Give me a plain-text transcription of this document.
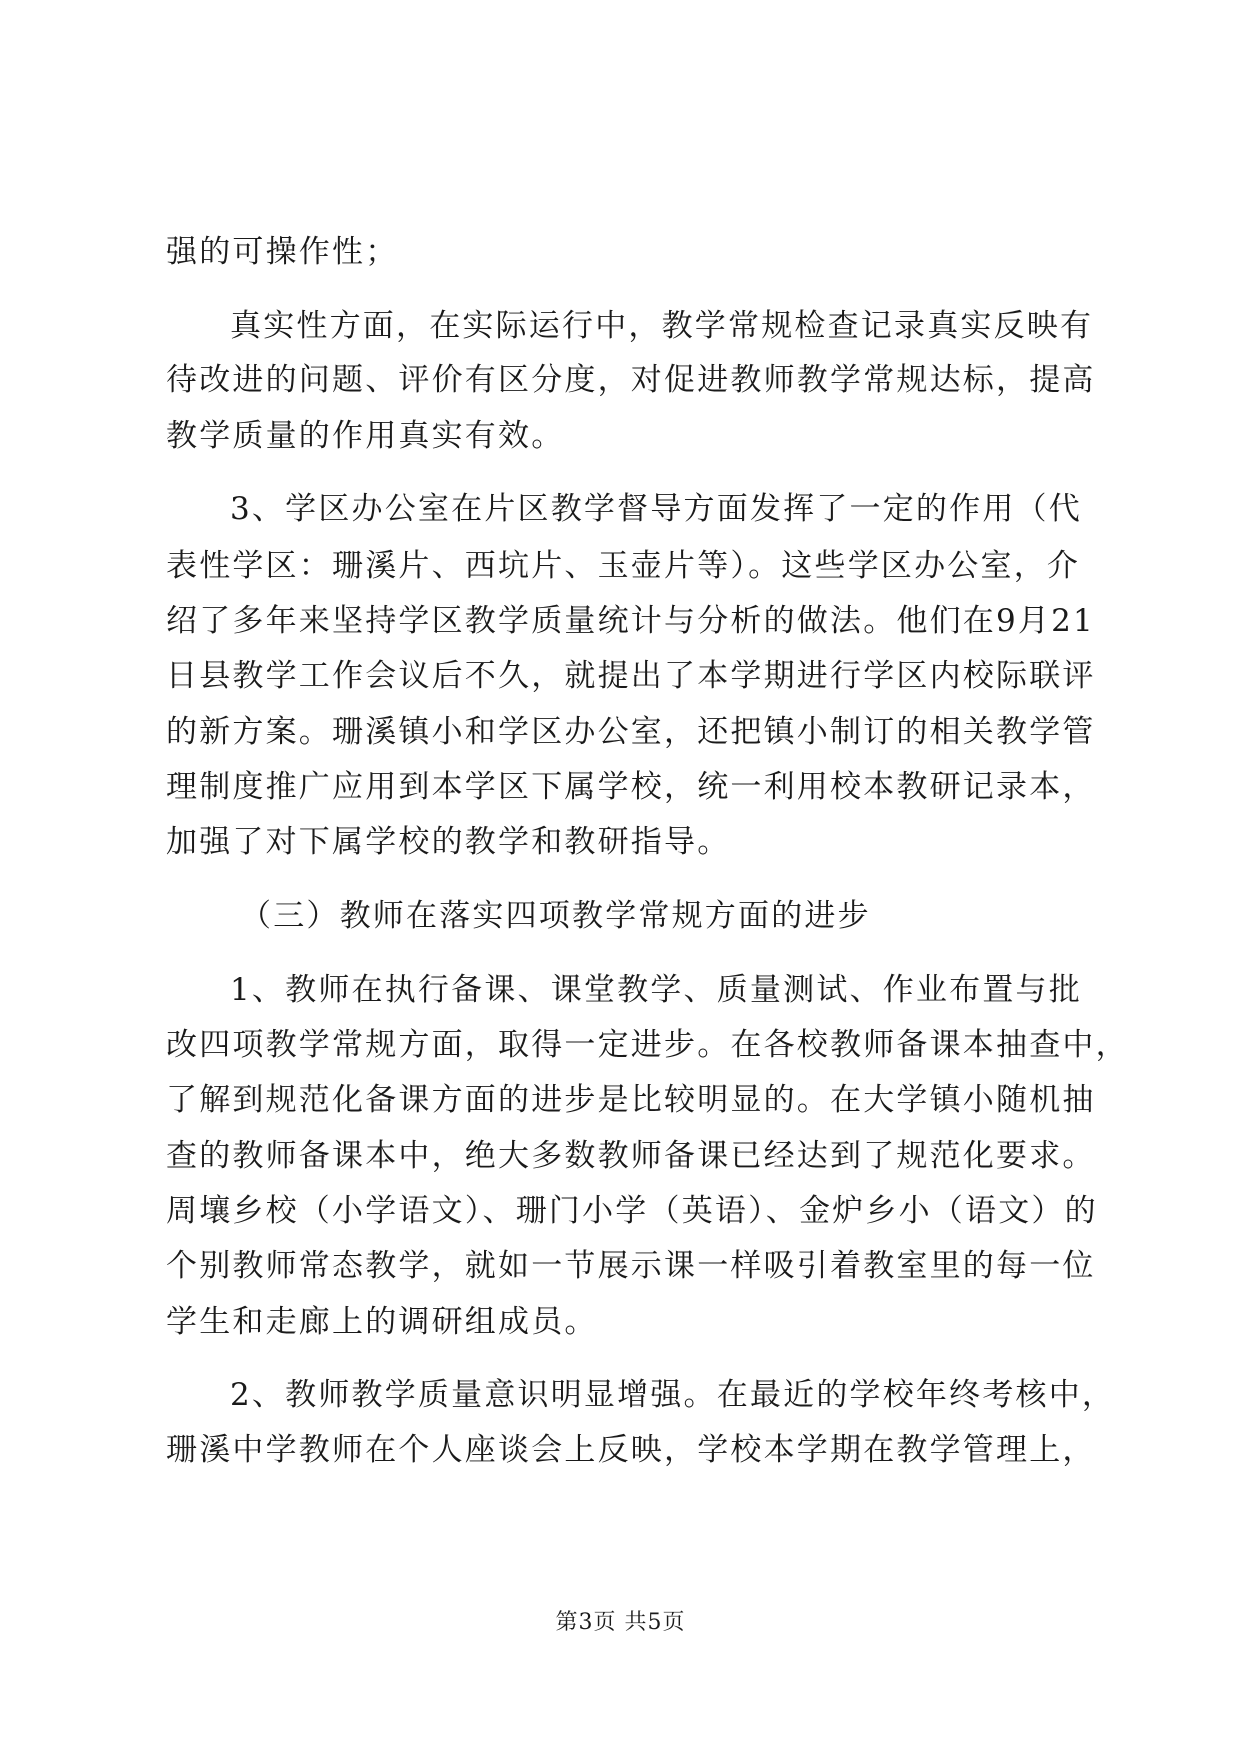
强的可操作性；
真实性方面，在实际运行中，教学常规检查记录真实反映有
待改进的问题、评价有区分度，对促进教师教学常规达标，提高
教学质量的作用真实有效。
3、学区办公室在片区教学督导方面发挥了一定的作用（代
表性学区：珊溪片、西坑片、玉壶片等）。这些学区办公室，介
绍了多年来坚持学区教学质量统计与分析的做法。他们在9月21
日县教学工作会议后不久，就提出了本学期进行学区内校际联评
的新方案。珊溪镇小和学区办公室，还把镇小制订的相关教学管
理制度推广应用到本学区下属学校，统一利用校本教研记录本，
加强了对下属学校的教学和教研指导。
（三）教师在落实四项教学常规方面的进步
1、教师在执行备课、课堂教学、质量测试、作业布置与批
改四项教学常规方面，取得一定进步。在各校教师备课本抽查中，
了解到规范化备课方面的进步是比较明显的。在大学镇小随机抽
查的教师备课本中，绝大多数教师备课已经达到了规范化要求。
周壤乡校（小学语文）、珊门小学（英语）、金炉乡小（语文）的
个别教师常态教学，就如一节展示课一样吸引着教室里的每一位
学生和走廊上的调研组成员。
2、教师教学质量意识明显增强。在最近的学校年终考核中，
珊溪中学教师在个人座谈会上反映，学校本学期在教学管理上，
第3页 共5页
